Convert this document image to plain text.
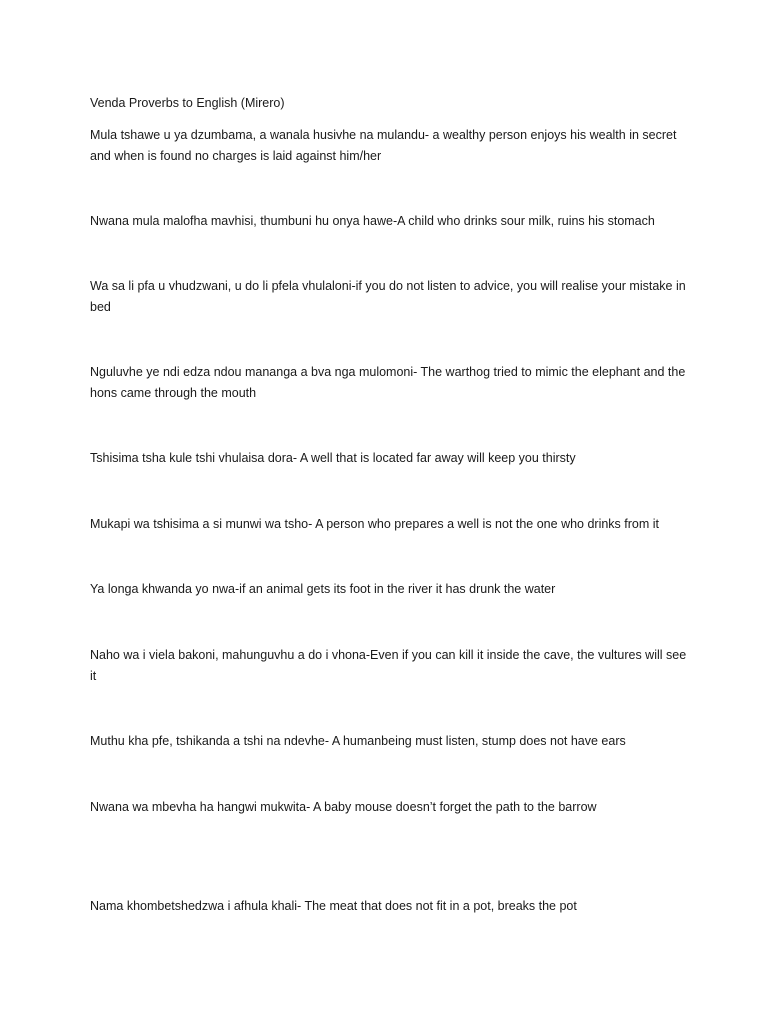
Venda Proverbs to English (Mirero)

Mula tshawe u ya dzumbama, a wanala husivhe na mulandu- a wealthy person enjoys his wealth in secret and when is found no charges is laid against him/her

Nwana mula malofha mavhisi, thumbuni hu onya hawe-A child who drinks sour milk, ruins his stomach

Wa sa li pfa u vhudzwani, u do li pfela vhulaloni-if you do not listen to advice, you will realise your mistake in bed

Nguluvhe ye ndi edza ndou mananga a bva nga mulomoni- The warthog tried to mimic the elephant and the hons came through the mouth

Tshisima tsha kule tshi vhulaisa dora- A well that is located far away will keep you thirsty

Mukapi wa tshisima a si munwi wa tsho- A person who prepares a well is not the one who drinks from it

Ya longa khwanda yo nwa-if an animal gets its foot in the river it has drunk the water

Naho wa i viela bakoni, mahunguvhu a do i vhona-Even if you can kill it inside the cave, the vultures will see it

Muthu kha pfe, tshikanda a tshi na ndevhe- A humanbeing must listen, stump does not have ears

Nwana wa mbevha ha hangwi mukwita- A baby mouse doesn’t forget the path to the barrow

Nama khombetshedzwa i afhula khali- The meat that does not fit in a pot, breaks the pot
